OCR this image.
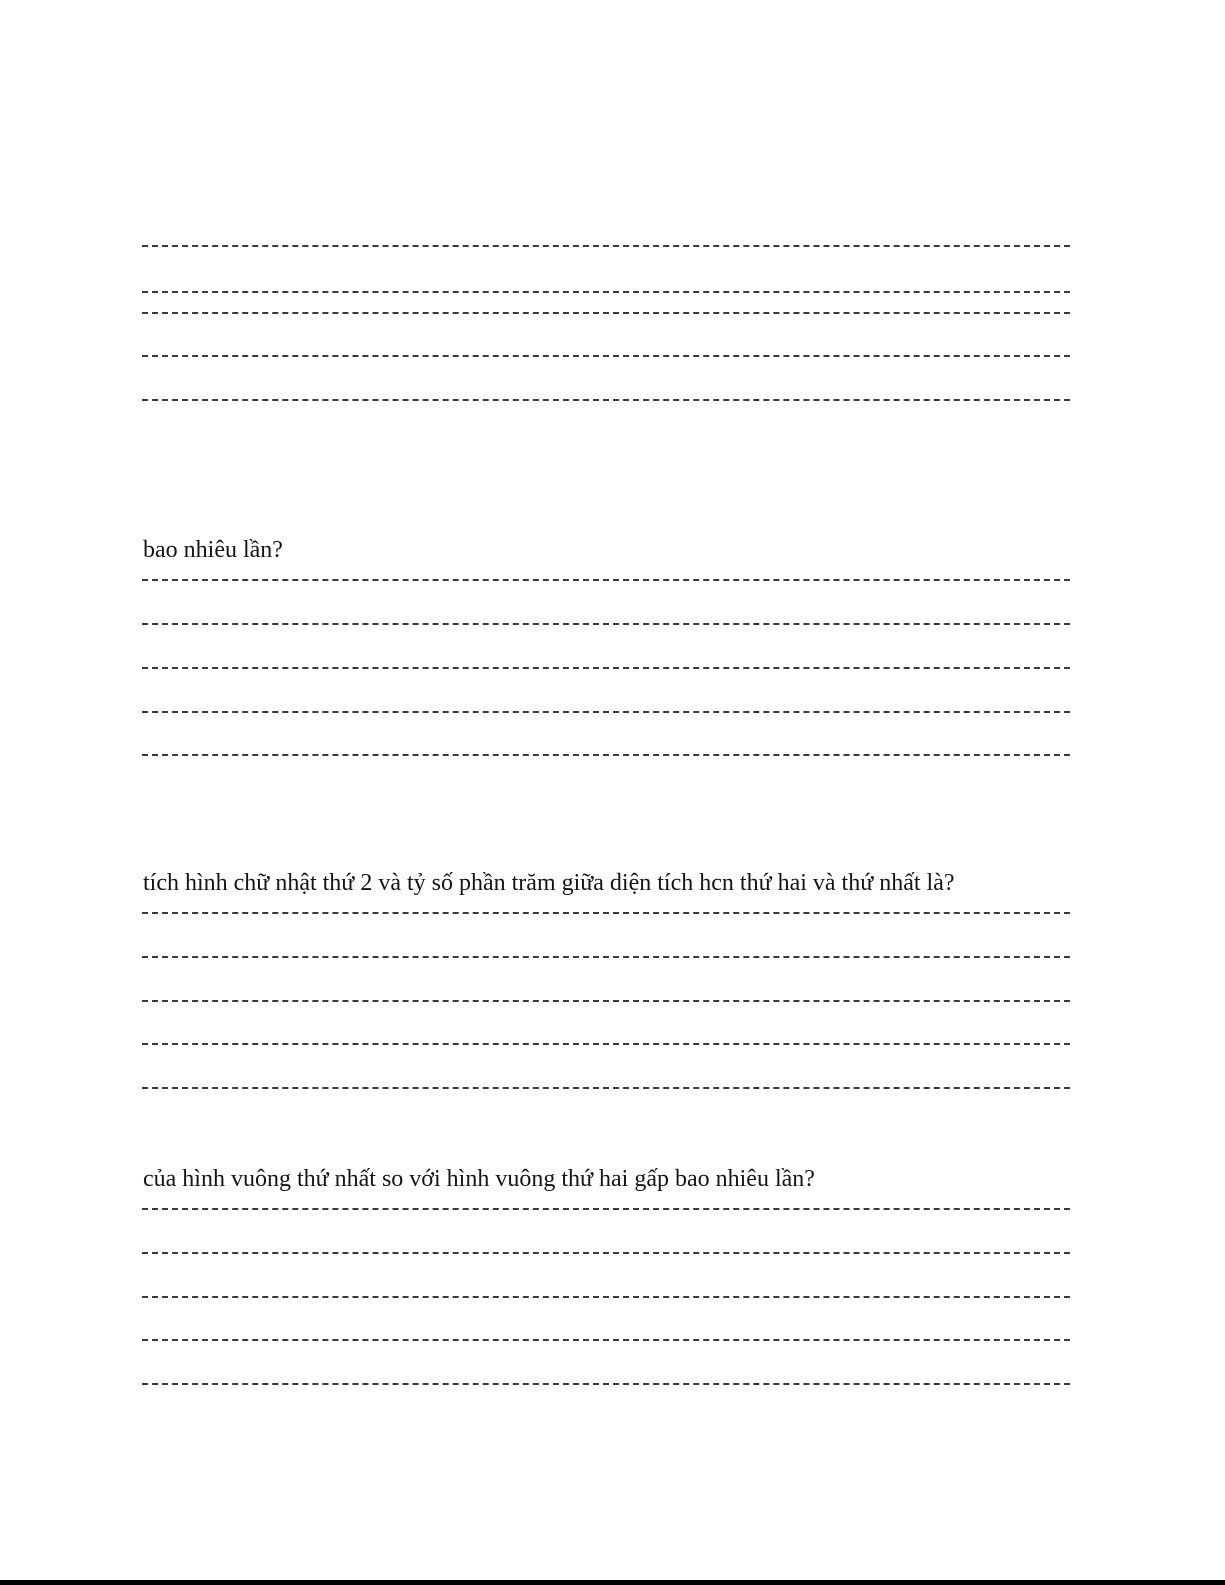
bao nhiêu lần?
tích hình chữ nhật thứ 2 và tỷ số phần trăm giữa diện tích hcn thứ hai và thứ nhất là?
của hình vuông thứ nhất so với hình vuông thứ hai gấp bao nhiêu lần?
